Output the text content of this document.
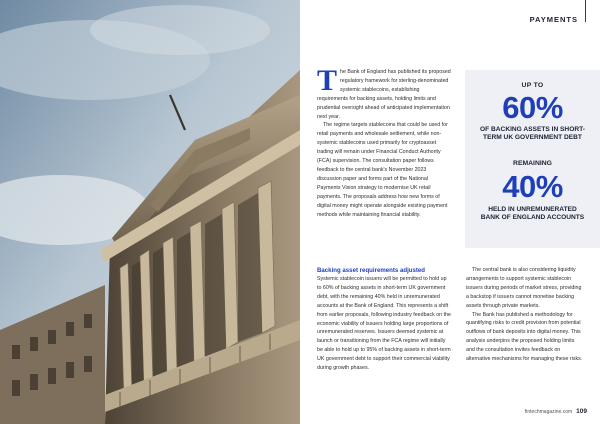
PAYMENTS
T he Bank of England has published its proposed regulatory framework for sterling-denominated systemic stablecoins, establishing requirements for backing assets, holding limits and prudential oversight ahead of anticipated implementation next year.

The regime targets stablecoins that could be used for retail payments and wholesale settlement, while non-systemic stablecoins used primarily for cryptoasset trading will remain under Financial Conduct Authority (FCA) supervision. The consultation paper follows feedback to the central bank's November 2023 discussion paper and forms part of the National Payments Vision strategy to modernise UK retail payments. The proposals address how new forms of digital money might operate alongside existing payment methods while maintaining financial stability.

UP TO
60%
OF BACKING ASSETS IN SHORT-TERM UK GOVERNMENT DEBT
REMAINING
40%
HELD IN UNREMUNERATED BANK OF ENGLAND ACCOUNTS

Backing asset requirements adjusted

Systemic stablecoin issuers will be permitted to hold up to 60% of backing assets in short-term UK government debt, with the remaining 40% held in unremunerated accounts at the Bank of England. This represents a shift from earlier proposals, following industry feedback on the economic viability of issuers holding large proportions of unremunerated reserves. Issuers deemed systemic at launch or transitioning from the FCA regime will initially be able to hold up to 95% of backing assets in short-term UK government debt to support their commercial viability during growth phases.

The central bank is also considering liquidity arrangements to support systemic stablecoin issuers during periods of market stress, providing a backstop if issuers cannot monetise backing assets through private markets.

The Bank has published a methodology for quantifying risks to credit provision from potential outflows of bank deposits into digital money. This analysis underpins the proposed holding limits and the consultation invites feedback on alternative mechanisms for managing these risks.

fintechmagazine.com 109
